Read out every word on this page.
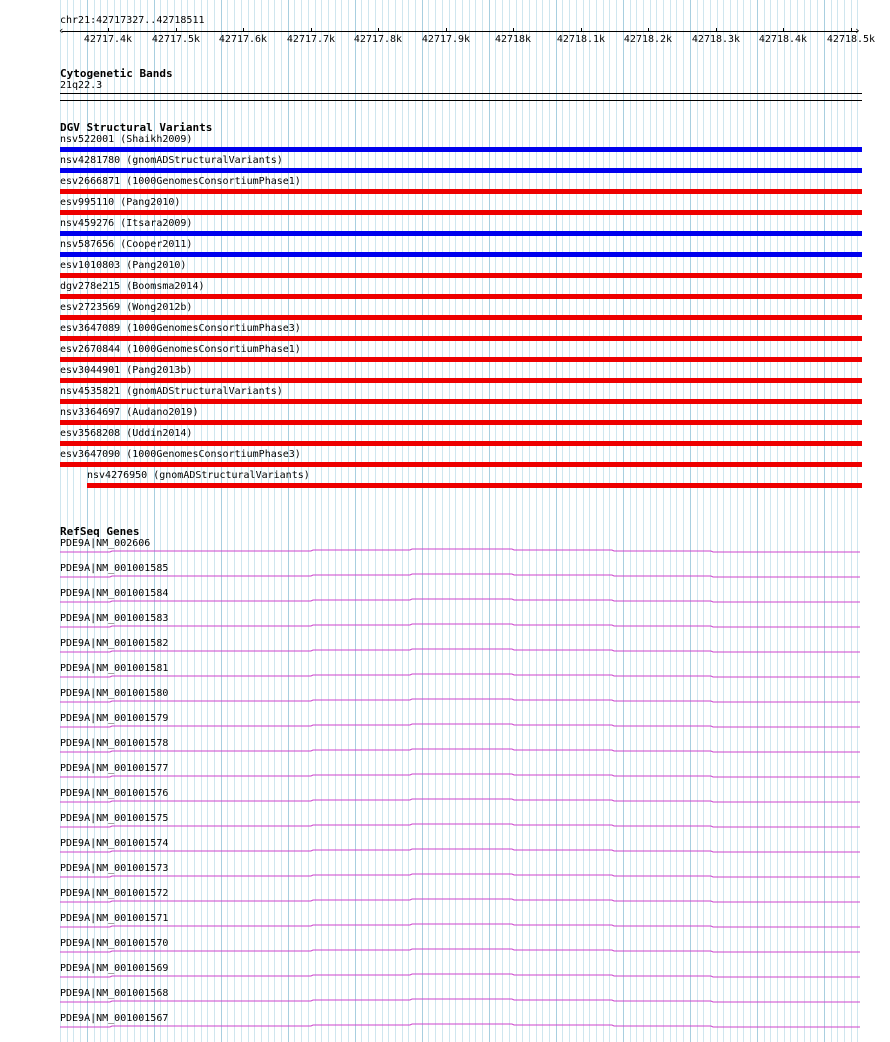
chr21:42717327..42718511
‹	›
42717.4k 42717.5k 42717.6k 42717.7k 42717.8k 42717.9k	42718k	42718.1k 42718.2k 42718.3k 42718.4k 42718.5k
Cytogenetic Bands
21q22.3
DGV Structural Variants
nsv522001 (Shaikh2009)
nsv4281780 (gnomADStructuralVariants)
esv2666871 (1000GenomesConsortiumPhase1)
esv995110 (Pang2010)
nsv459276 (Itsara2009)
nsv587656 (Cooper2011)
esv1010803 (Pang2010)
dgv278e215 (Boomsma2014)
esv2723569 (Wong2012b)
esv3647089 (1000GenomesConsortiumPhase3)
esv2670844 (1000GenomesConsortiumPhase1)
esv3044901 (Pang2013b)
nsv4535821 (gnomADStructuralVariants)
nsv3364697 (Audano2019)
esv3568208 (Uddin2014)
esv3647090 (1000GenomesConsortiumPhase3)
nsv4276950 (gnomADStructuralVariants)
RefSeq Genes
PDE9A|NM_002606
PDE9A|NM_001001585
PDE9A|NM_001001584
PDE9A|NM_001001583
PDE9A|NM_001001582
PDE9A|NM_001001581
PDE9A|NM_001001580
PDE9A|NM_001001579
PDE9A|NM_001001578
PDE9A|NM_001001577
PDE9A|NM_001001576
PDE9A|NM_001001575
PDE9A|NM_001001574
PDE9A|NM_001001573
PDE9A|NM_001001572
PDE9A|NM_001001571
PDE9A|NM_001001570
PDE9A|NM_001001569
PDE9A|NM_001001568
PDE9A|NM_001001567
